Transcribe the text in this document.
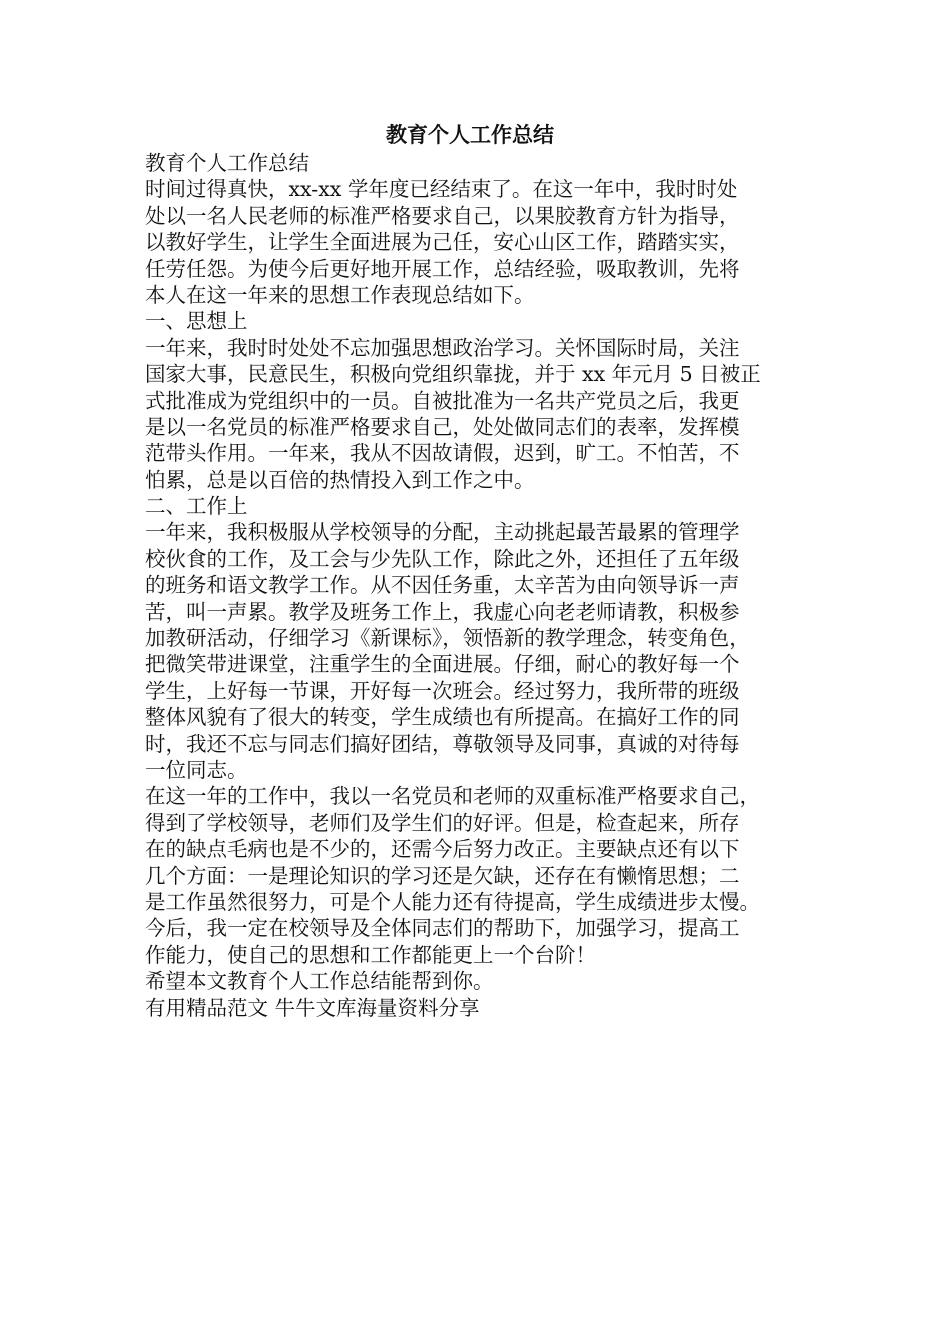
教育个人工作总结
教育个人工作总结
时间过得真快，xx-xx 学年度已经结束了。在这一年中，我时时处
处以一名人民老师的标准严格要求自己，以果胶教育方针为指导，
以教好学生，让学生全面进展为己任，安心山区工作，踏踏实实，
任劳任怨。为使今后更好地开展工作，总结经验，吸取教训，先将
本人在这一年来的思想工作表现总结如下。
一、思想上
一年来，我时时处处不忘加强思想政治学习。关怀国际时局，关注
国家大事，民意民生，积极向党组织靠拢，并于 xx 年元月 5 日被正
式批准成为党组织中的一员。自被批准为一名共产党员之后，我更
是以一名党员的标准严格要求自己，处处做同志们的表率，发挥模
范带头作用。一年来，我从不因故请假，迟到，旷工。不怕苦，不
怕累，总是以百倍的热情投入到工作之中。
二、工作上
一年来，我积极服从学校领导的分配，主动挑起最苦最累的管理学
校伙食的工作，及工会与少先队工作，除此之外，还担任了五年级
的班务和语文教学工作。从不因任务重，太辛苦为由向领导诉一声
苦，叫一声累。教学及班务工作上，我虚心向老老师请教，积极参
加教研活动，仔细学习《新课标》，领悟新的教学理念，转变角色，
把微笑带进课堂，注重学生的全面进展。仔细，耐心的教好每一个
学生，上好每一节课，开好每一次班会。经过努力，我所带的班级
整体风貌有了很大的转变，学生成绩也有所提高。在搞好工作的同
时，我还不忘与同志们搞好团结，尊敬领导及同事，真诚的对待每
一位同志。
在这一年的工作中，我以一名党员和老师的双重标准严格要求自己，
得到了学校领导，老师们及学生们的好评。但是，检查起来，所存
在的缺点毛病也是不少的，还需今后努力改正。主要缺点还有以下
几个方面：一是理论知识的学习还是欠缺，还存在有懒惰思想；二
是工作虽然很努力，可是个人能力还有待提高，学生成绩进步太慢。
今后，我一定在校领导及全体同志们的帮助下，加强学习，提高工
作能力，使自己的思想和工作都能更上一个台阶！
希望本文教育个人工作总结能帮到你。
有用精品范文 牛牛文库海量资料分享
